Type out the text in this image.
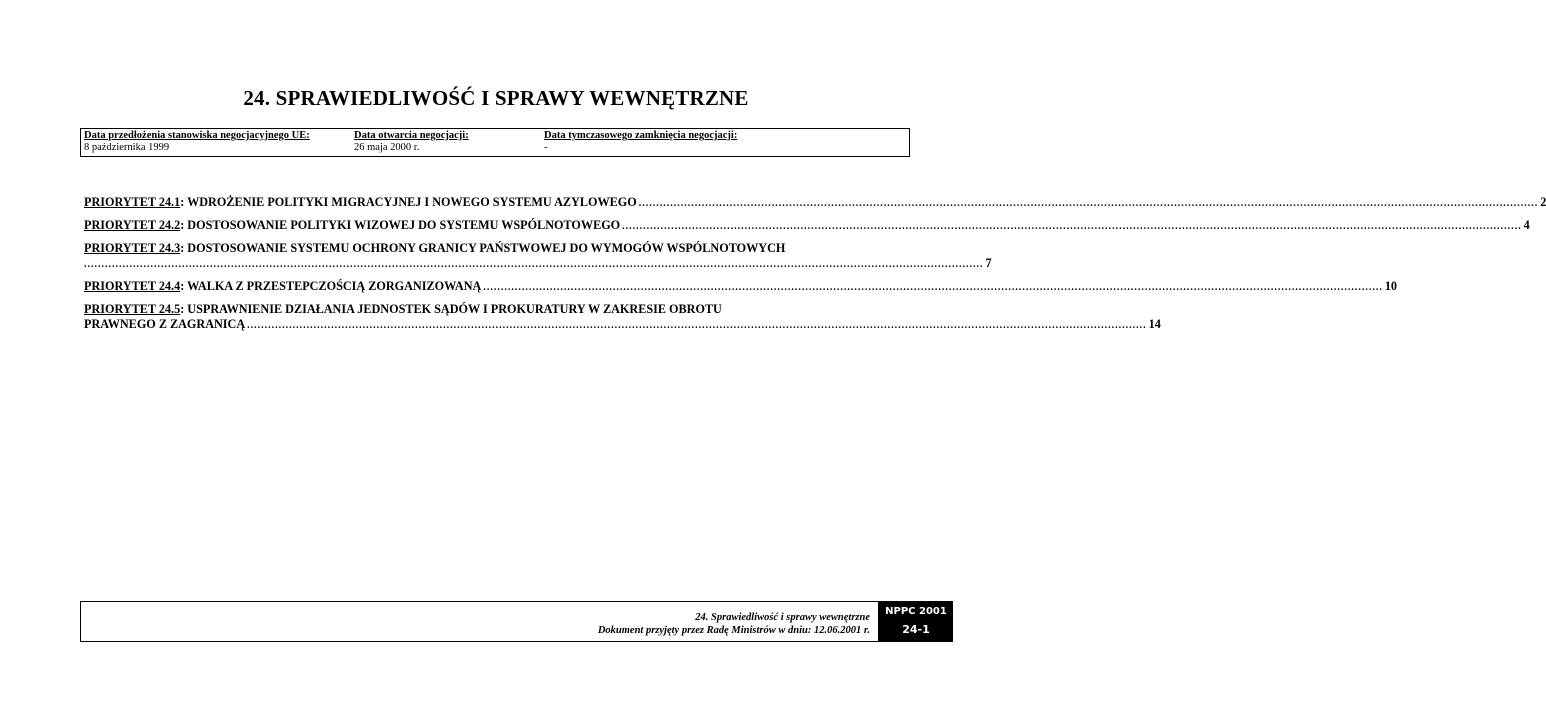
24. SPRAWIEDLIWOŚĆ I SPRAWY WEWNĘTRZNE
Data przedłożenia stanowiska negocjacyjnego UE:
8 października 1999
Data otwarcia negocjacji:
26 maja 2000 r.
Data tymczasowego zamknięcia negocjacji:
-
PRIORYTET 24.1 : WDROŻENIE POLITYKI MIGRACYJNEJ I NOWEGO SYSTEMU AZYLOWEGO ................................................................................................................................................................................................................................................................. 2
PRIORYTET 24.2 : DOSTOSOWANIE POLITYKI WIZOWEJ DO SYSTEMU WSPÓLNOTOWEGO ................................................................................................................................................................................................................................................................. 4
PRIORYTET 24.3: DOSTOSOWANIE SYSTEMU OCHRONY GRANICY PAŃSTWOWEJ DO WYMOGÓW WSPÓLNOTOWYCH
................................................................................................................................................................................................................................................................. 7
PRIORYTET 24.4 : WALKA Z PRZESTEPCZOŚCIĄ ZORGANIZOWANĄ ................................................................................................................................................................................................................................................................. 10
PRIORYTET 24.5: USPRAWNIENIE DZIAŁANIA JEDNOSTEK SĄDÓW I PROKURATURY W ZAKRESIE OBROTU
PRAWNEGO Z ZAGRANICĄ ................................................................................................................................................................................................................................................................. 14
24. Sprawiedliwość i sprawy wewnętrzne
Dokument przyjęty przez Radę Ministrów w dniu: 12.06.2001 r.
NPPC 2001
24-1
